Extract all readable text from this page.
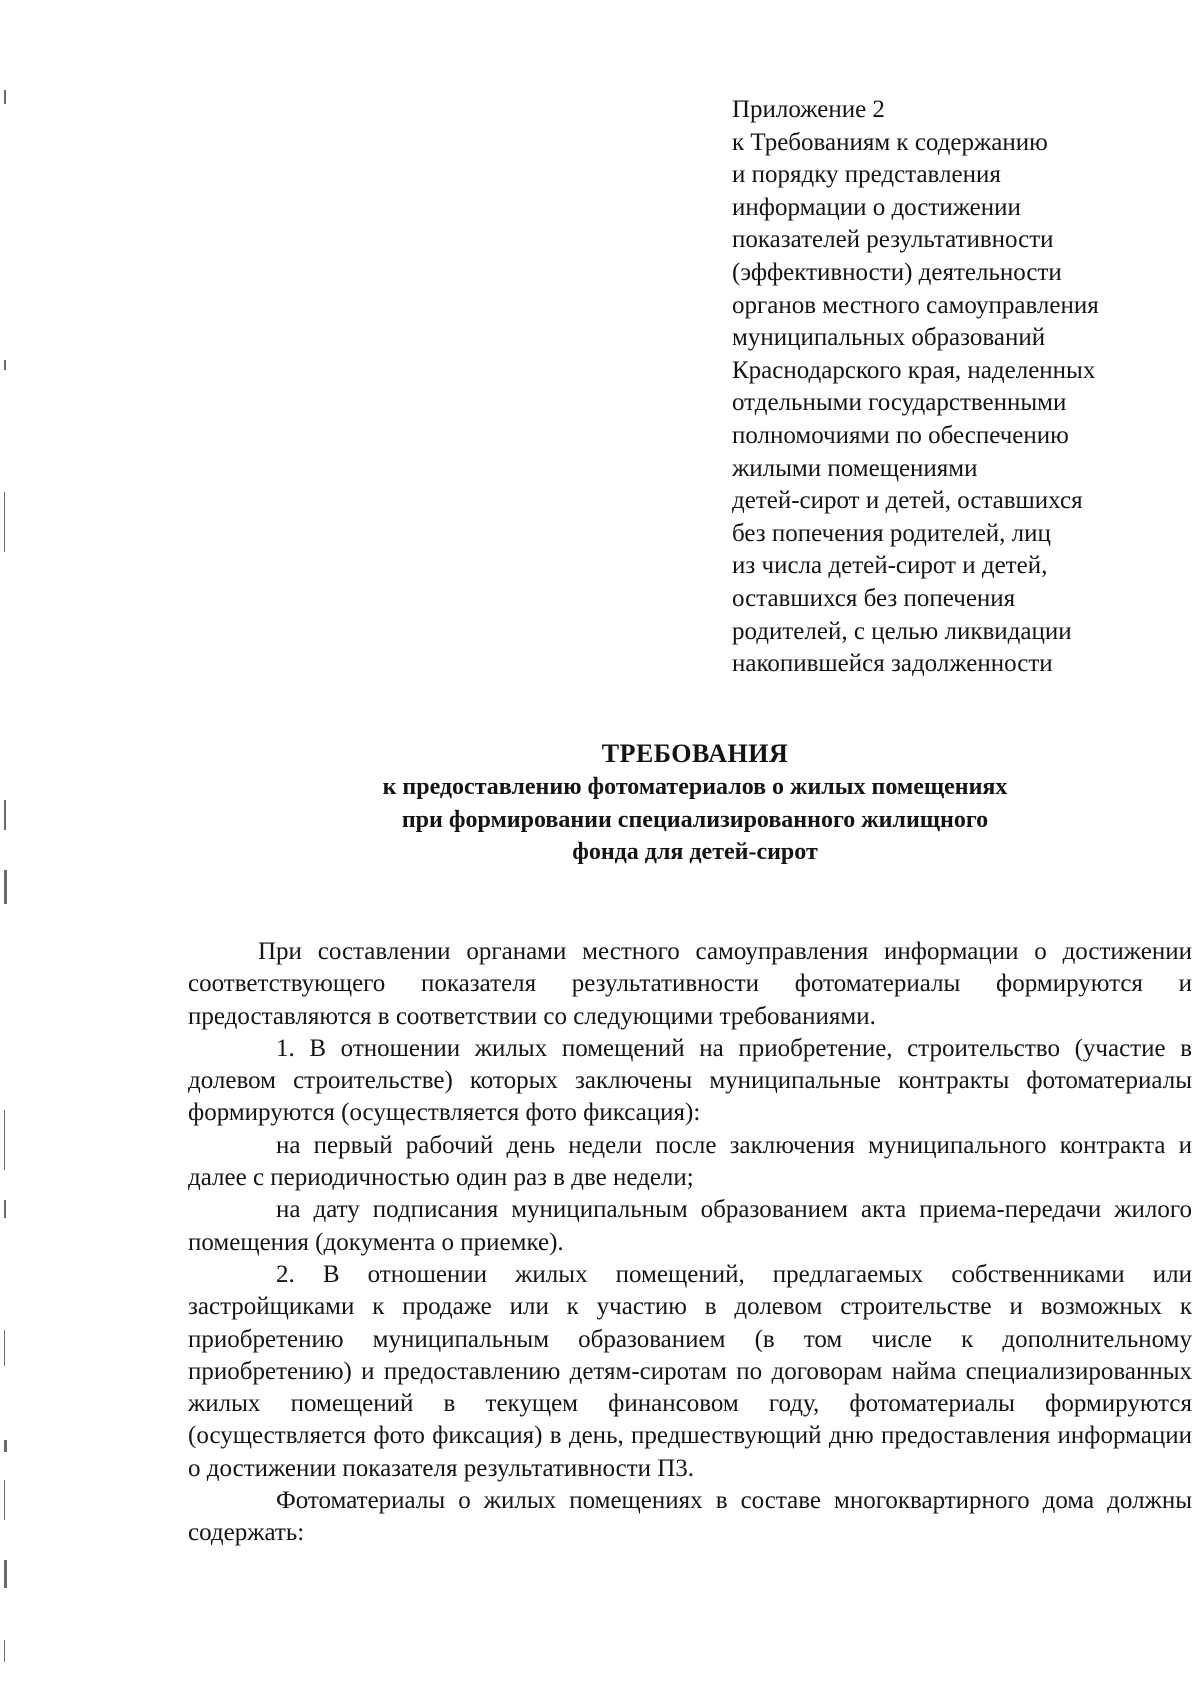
Приложение 2
к Требованиям к содержанию
и порядку представления
информации о достижении
показателей результативности
(эффективности) деятельности
органов местного самоуправления
муниципальных образований
Краснодарского края, наделенных
отдельными государственными
полномочиями по обеспечению
жилыми помещениями
детей-сирот и детей, оставшихся
без попечения родителей, лиц
из числа детей-сирот и детей,
оставшихся без попечения
родителей, с целью ликвидации
накопившейся задолженности
ТРЕБОВАНИЯ
к предоставлению фотоматериалов о жилых помещениях
при формировании специализированного жилищного
фонда для детей-сирот

При составлении органами местного самоуправления информации о достижении соответствующего показателя результативности фотоматериалы формируются и предоставляются в соответствии со следующими требованиями.

1. В отношении жилых помещений на приобретение, строительство (участие в долевом строительстве) которых заключены муниципальные контракты фотоматериалы формируются (осуществляется фото фиксация):

на первый рабочий день недели после заключения муниципального контракта и далее с периодичностью один раз в две недели;

на дату подписания муниципальным образованием акта приема-передачи жилого помещения (документа о приемке).

2. В отношении жилых помещений, предлагаемых собственниками или застройщиками к продаже или к участию в долевом строительстве и возможных к приобретению муниципальным образованием (в том числе к дополнительному приобретению) и предоставлению детям-сиротам по договорам найма специализированных жилых помещений в текущем финансовом году, фотоматериалы формируются (осуществляется фото фиксация) в день, предшествующий дню предоставления информации о достижении показателя результативности П3.

Фотоматериалы о жилых помещениях в составе многоквартирного дома должны содержать:
